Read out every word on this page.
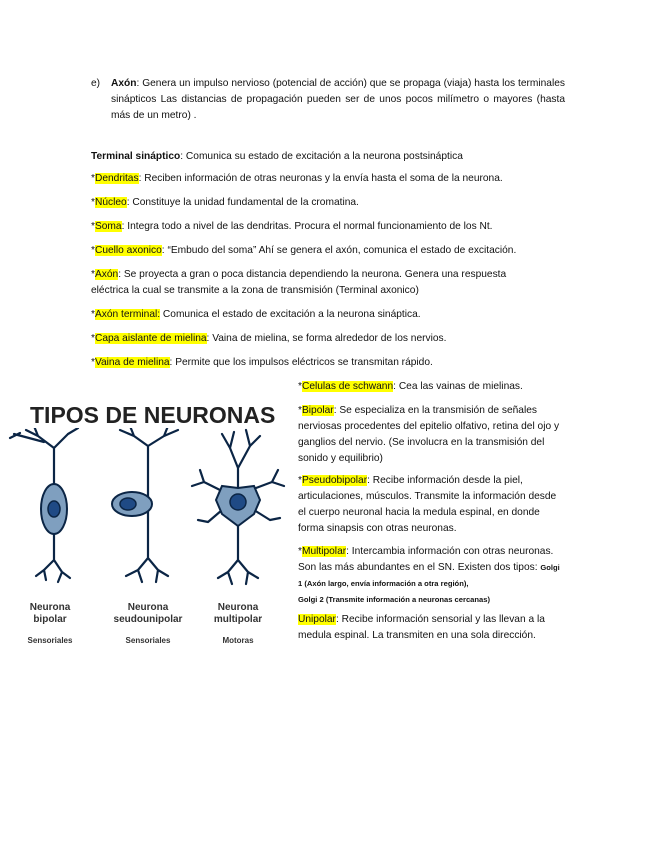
e)	Axón: Genera un impulso nervioso (potencial de acción) que se propaga (viaja) hasta los terminales sinápticos Las distancias de propagación pueden ser de unos pocos milímetro o mayores (hasta más de un metro) .

Terminal sináptico: Comunica su estado de excitación a la neurona postsináptica

*Dendritas: Reciben información de otras neuronas y la envía hasta el soma de la neurona.

*Núcleo: Constituye la unidad fundamental de la cromatina.

*Soma: Integra todo a nivel de las dendritas. Procura el normal funcionamiento de los Nt.

*Cuello axonico: “Embudo del soma” Ahí se genera el axón, comunica el estado de excitación.

*Axón: Se proyecta a gran o poca distancia dependiendo la neurona. Genera una respuesta eléctrica la cual se transmite a la zona de transmisión (Terminal axonico)

*Axón terminal: Comunica el estado de excitación a la neurona sináptica.

*Capa aislante de mielina: Vaina de mielina, se forma alrededor de los nervios.

*Vaina de mielina: Permite que los impulsos eléctricos se transmitan rápido.

*Celulas de schwann: Cea las vainas de mielinas.

*Bipolar: Se especializa en la transmisión de señales nerviosas procedentes del epitelio olfativo, retina del ojo y ganglios del nervio. (Se involucra en la transmisión del sonido y equilibrio)

*Pseudobipolar: Recibe información desde la piel, articulaciones, músculos. Transmite la información desde el cuerpo neuronal hacia la medula espinal, en donde forma sinapsis con otras neuronas.

*Multipolar: Intercambia información con otras neuronas. Son las más abundantes en el SN. Existen dos tipos: Golgi 1 (Axón largo, envía información a otra región),
Golgi 2 (Transmite información a neuronas cercanas)

Unipolar: Recibe información sensorial y las llevan a la medula espinal. La transmiten en una sola dirección.

TIPOS DE NEURONAS
Neurona
bipolar
Sensoriales
Neurona
seudounipolar
Sensoriales
Neurona
multipolar
Motoras
